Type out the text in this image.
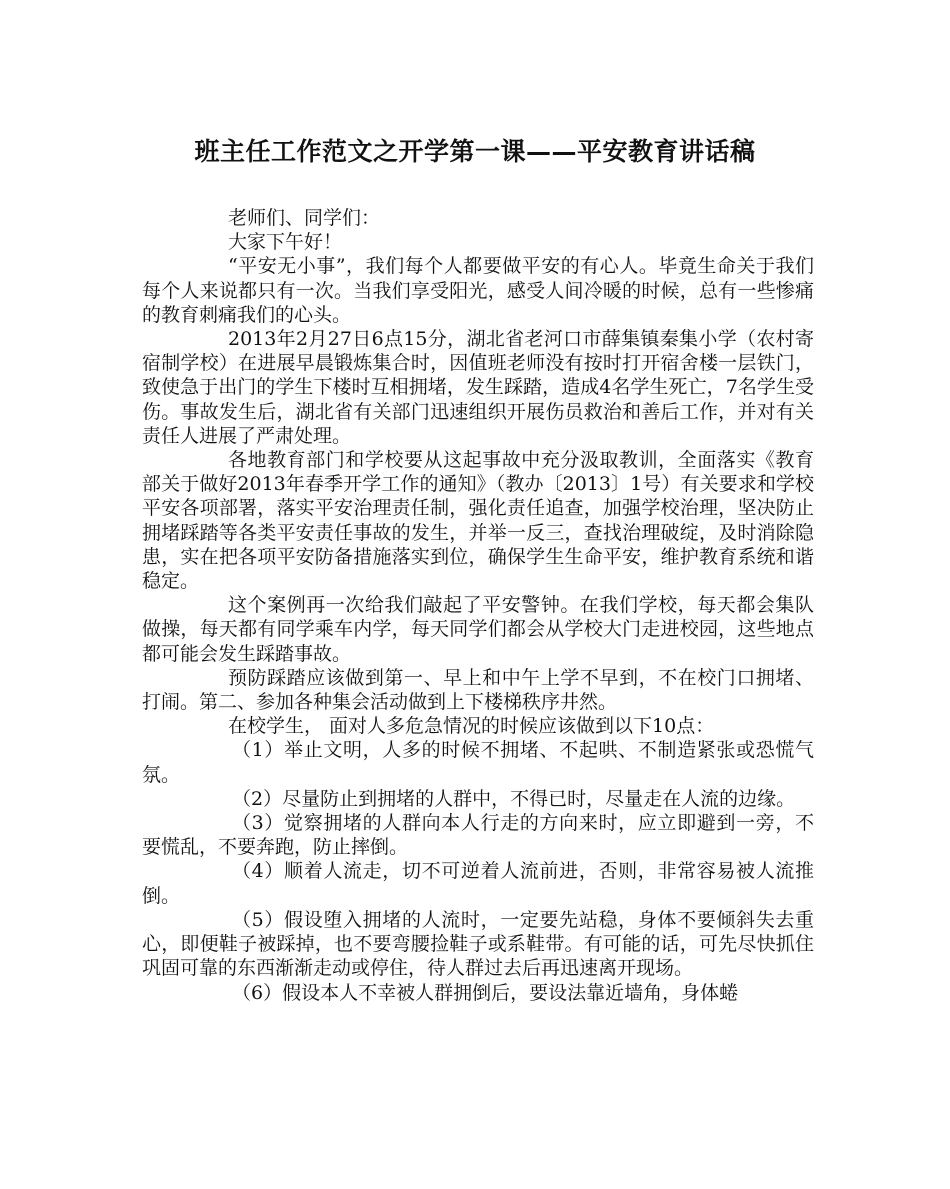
班主任工作范文之开学第一课——平安教育讲话稿

老师们、同学们：

大家下午好！

“平安无小事”，我们每个人都要做平安的有心人。毕竟生命关于我们每个人来说都只有一次。当我们享受阳光，感受人间冷暖的时候，总有一些惨痛的教育刺痛我们的心头。

2013年2月27日6点15分，湖北省老河口市薛集镇秦集小学（农村寄宿制学校）在进展早晨锻炼集合时，因值班老师没有按时打开宿舍楼一层铁门，致使急于出门的学生下楼时互相拥堵，发生踩踏，造成4名学生死亡，7名学生受伤。事故发生后，湖北省有关部门迅速组织开展伤员救治和善后工作，并对有关责任人进展了严肃处理。

各地教育部门和学校要从这起事故中充分汲取教训，全面落实《教育部关于做好2013年春季开学工作的通知》（教办〔2013〕1号）有关要求和学校平安各项部署，落实平安治理责任制，强化责任追查，加强学校治理，坚决防止拥堵踩踏等各类平安责任事故的发生，并举一反三，查找治理破绽，及时消除隐患，实在把各项平安防备措施落实到位，确保学生生命平安，维护教育系统和谐稳定。

这个案例再一次给我们敲起了平安警钟。在我们学校，每天都会集队做操，每天都有同学乘车内学，每天同学们都会从学校大门走进校园，这些地点都可能会发生踩踏事故。

预防踩踏应该做到第一、早上和中午上学不早到，不在校门口拥堵、打闹。第二、参加各种集会活动做到上下楼梯秩序井然。

在校学生， 面对人多危急情况的时候应该做到以下10点：

（1）举止文明，人多的时候不拥堵、不起哄、不制造紧张或恐慌气氛。

（2）尽量防止到拥堵的人群中，不得已时，尽量走在人流的边缘。

（3）觉察拥堵的人群向本人行走的方向来时，应立即避到一旁，不要慌乱，不要奔跑，防止摔倒。

（4）顺着人流走，切不可逆着人流前进，否则，非常容易被人流推倒。

（5）假设堕入拥堵的人流时，一定要先站稳，身体不要倾斜失去重心，即便鞋子被踩掉，也不要弯腰捡鞋子或系鞋带。有可能的话，可先尽快抓住巩固可靠的东西渐渐走动或停住，待人群过去后再迅速离开现场。

（6）假设本人不幸被人群拥倒后，要设法靠近墙角，身体蜷
